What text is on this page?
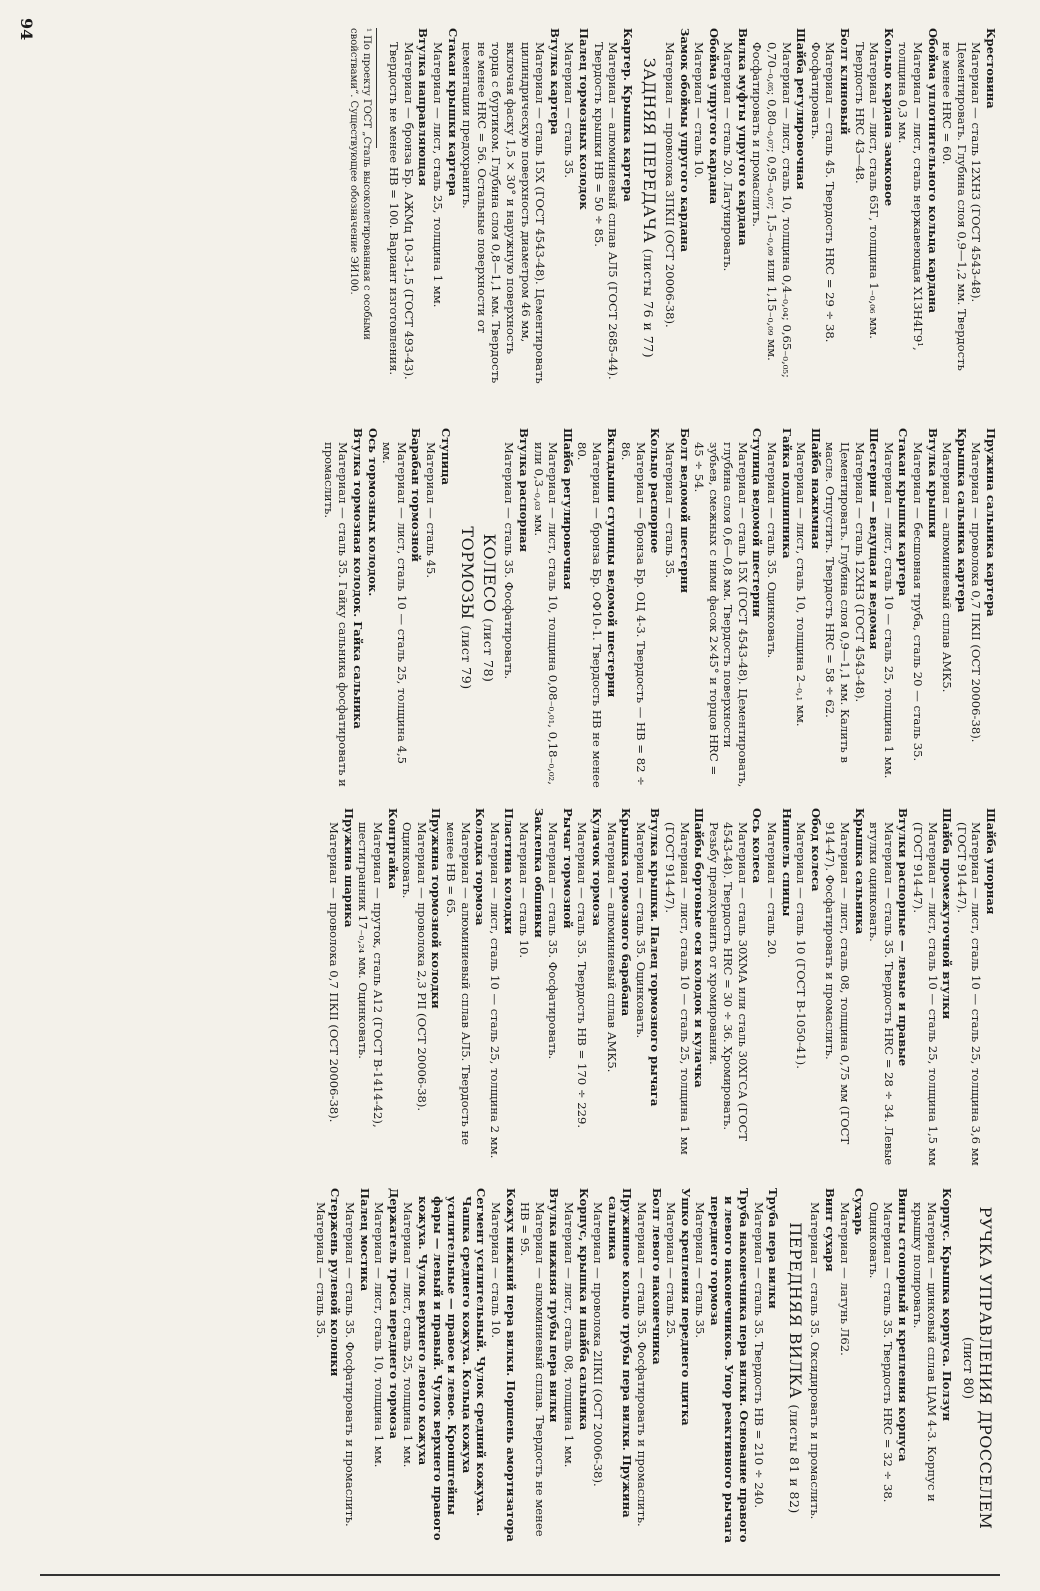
94	Крестовина
Материал — сталь 12ХН3 (ГОСТ 4543-48). Цементировать. Глубина слоя 0,9—1,2 мм. Твердость не менее HRC = 60.
Обойма уплотнительного кольца кардана
Материал — лист, сталь нержавеющая Х13Н4Г9¹, толщина 0,3 мм.
Кольцо кардана замковое
Материал — лист, сталь 65Г, толщина 1₋₀,₀₆ мм. Твердость HRC 43—48.
Болт клиновый
Материал — сталь 45. Твердость HRC = 29 ÷ 38. Фосфатировать.
Шайба регулировочная
Материал — лист, сталь 10, толщина 0,4₋₀,₀₄; 0,65₋₀,₀₅; 0,70₋₀,₀₅; 0,80₋₀,₀₇; 0,95₋₀,₀₇; 1,5₋₀,₀₉ или 1,15₋₀,₀₉ мм. Фосфатировать и промаслить.
Вилка муфты упругого кардана
Материал — сталь 20. Латунировать.
Обойма упругого кардана
Материал — сталь 10.
Замок обоймы упругого кардана
Материал — проволока 3ПКII (ОСТ 20006-38).
ЗАДНЯЯ ПЕРЕДАЧА (листы 76 и 77)
Картер. Крышка картера
Материал — алюминиевый сплав АЛ5 (ГОСТ 2685-44). Твердость крышки HB = 50 ÷ 85.
Палец тормозных колодок
Материал — сталь 35.
Втулка картера
Материал — сталь 15Х (ГОСТ 4543-48). Цементировать цилиндрическую поверхность диаметром 46 мм, включая фаску 1,5 × 30° и наружную поверхность торца с буртиком. Глубина слоя 0,8—1,1 мм. Твердость не менее HRC = 56. Остальные поверхности от цементации предохранить.
Стакан крышки картера
Материал — лист, сталь 25, толщина 1 мм.
Втулка направляющая
Материал — бронза Бр. АЖМц 10-3-1,5 (ГОСТ 493-43). Твердость не менее HB = 100. Вариант изготовления.
¹ По проекту ГОСТ „Сталь высоколегированная с особыми свойствами“. Существующее обозначение ЭИ100.
Пружина сальника картера
Материал — проволока 0,7 ПКII (ОСТ 20006-38).
Крышка сальника картера
Материал — алюминиевый сплав АМК5.
Втулка крышки
Материал — бесшовная труба, сталь 20 — сталь 35.
Стакан крышки картера
Материал — лист, сталь 10 — сталь 25, толщина 1 мм.
Шестерни — ведущая и ведомая
Материал — сталь 12ХН3 (ГОСТ 4543-48). Цементировать. Глубина слоя 0,9—1,1 мм. Калить в масле. Отпустить. Твердость HRC = 58 ÷ 62.
Шайба нажимная
Материал — лист, сталь 10, толщина 2₋₀,₁ мм.
Гайка подшипника
Материал — сталь 35. Оцинковать.
Ступица ведомой шестерни
Материал — сталь 15Х (ГОСТ 4543-48). Цементировать, глубина слоя 0,6—0,8 мм. Твердость поверхности зубьев, смежных с ними фасок 2×45° и торцов HRC = 45 ÷ 54.
Болт ведомой шестерни
Материал — сталь 35.
Кольцо распорное
Материал — бронза Бр. ОЦ 4-3. Твердость — HB = 82 ÷ 86.
Вкладыши ступицы ведомой шестерни
Материал — бронза Бр. ОФ10-1. Твердость HB не менее 80.
Шайба регулировочная
Материал — лист, сталь 10, толщина 0,08₋₀,₀₁, 0,18₋₀,₀₂, или 0,3₋₀,₀₃ мм.
Втулка распорная
Материал — сталь 35. Фосфатировать.
КОЛЕСО (лист 78)
ТОРМОЗЫ (лист 79)
Ступица
Материал — сталь 45.
Барабан тормозной
Материал — лист, сталь 10 — сталь 25, толщина 4,5 мм.
Ось тормозных колодок.
Втулка тормозная колодок. Гайка сальника
Материал — сталь 35. Гайку сальника фосфатировать и промаслить.
Шайба упорная
Материал — лист, сталь 10 — сталь 25, толщина 3,6 мм (ГОСТ 914-47).
Шайба промежуточной втулки
Материал — лист, сталь 10 — сталь 25, толщина 1,5 мм (ГОСТ 914-47).
Втулки распорные — левые и правые
Материал — сталь 35. Твердость HRC = 28 ÷ 34. Левые втулки оцинковать.
Крышка сальника
Материал — лист, сталь 08, толщина 0,75 мм (ГОСТ 914-47). Фосфатировать и промаслить.
Обод колеса
Материал — сталь 10 (ГОСТ В-1050-41).
Ниппель спицы
Материал — сталь 20.
Ось колеса
Материал — сталь 30ХМА или сталь 30ХГСА (ГОСТ 4543-48). Твердость HRC = 30 ÷ 36. Хромировать. Резьбу предохранить от хромирования.
Шайбы бортовые оси колодок и кулачка
Материал — лист, сталь 10 — сталь 25, толщина 1 мм (ГОСТ 914-47).
Втулка крышки. Палец тормозного рычага
Материал — сталь 35. Оцинковать.
Крышка тормозного барабана
Материал — алюминиевый сплав АМК5.
Кулачок тормоза
Материал — сталь 35. Твердость HB = 170 ÷ 229.
Рычаг тормозной
Материал — сталь 35. Фосфатировать.
Заклепка обшивки
Материал — сталь 10.
Пластина колодки
Материал — лист, сталь 10 — сталь 25, толщина 2 мм.
Колодка тормоза
Материал — алюминиевый сплав АЛ5. Твердость не менее HB = 65.
Пружина тормозной колодки
Материал — проволока 2,3 РII (ОСТ 20006-38). Оцинковать.
Контргайка
Материал — пруток, сталь А12 (ГОСТ В-1414-42), шестигранник 17₋₀,₂₄ мм. Оцинковать.
Пружина шарика
Материал — проволока 0,7 ПКII (ОСТ 20006-38).
РУЧКА УПРАВЛЕНИЯ ДРОССЕЛЕМ
(лист 80)
Корпус. Крышка корпуса. Ползун
Материал — цинковый сплав ЦАМ 4-3. Корпус и крышку полировать.
Винты стопорный и крепления корпуса
Материал — сталь 35. Твердость HRC = 32 ÷ 38. Оцинковать.
Сухарь
Материал — латунь Л62.
Винт сухаря
Материал — сталь 35. Оксидировать и промаслить.
ПЕРЕДНЯЯ ВИЛКА (листы 81 и 82)
Труба пера вилки
Материал — сталь 35. Твердость HB = 210 ÷ 240.
Труба наконечника пера вилки. Основание правого и левого наконечников. Упор реактивного рычага переднего тормоза
Материал — сталь 35.
Ушко крепления переднего щитка
Материал — сталь 25.
Болт левого наконечника
Материал — сталь 35. Фосфатировать и промаслить.
Пружинное кольцо трубы пера вилки. Пружина сальника
Материал — проволока 2IIКII (ОСТ 20006-38).
Корпус, крышка и шайба сальника
Материал — лист, сталь 08, толщина 1 мм.
Втулка нижняя трубы пера вилки
Материал — алюминиевый сплав. Твердость не менее HB = 95.
Кожух нижний пера вилки. Поршень амортизатора
Материал — сталь 10.
Сегмент усилительный. Чулок средний кожуха. Чашка среднего кожуха. Кольца кожуха усилительные — правое и левое. Кронштейны фары — левый и правый. Чулок верхнего правого кожуха. Чулок верхнего левого кожуха
Материал — лист, сталь 25, толщина 1 мм.
Держатель троса переднего тормоза
Материал — лист, сталь 10, толщина 1 мм.
Палец мостика
Материал — сталь 35. Фосфатировать и промаслить.
Стержень рулевой колонки
Материал — сталь 35.
